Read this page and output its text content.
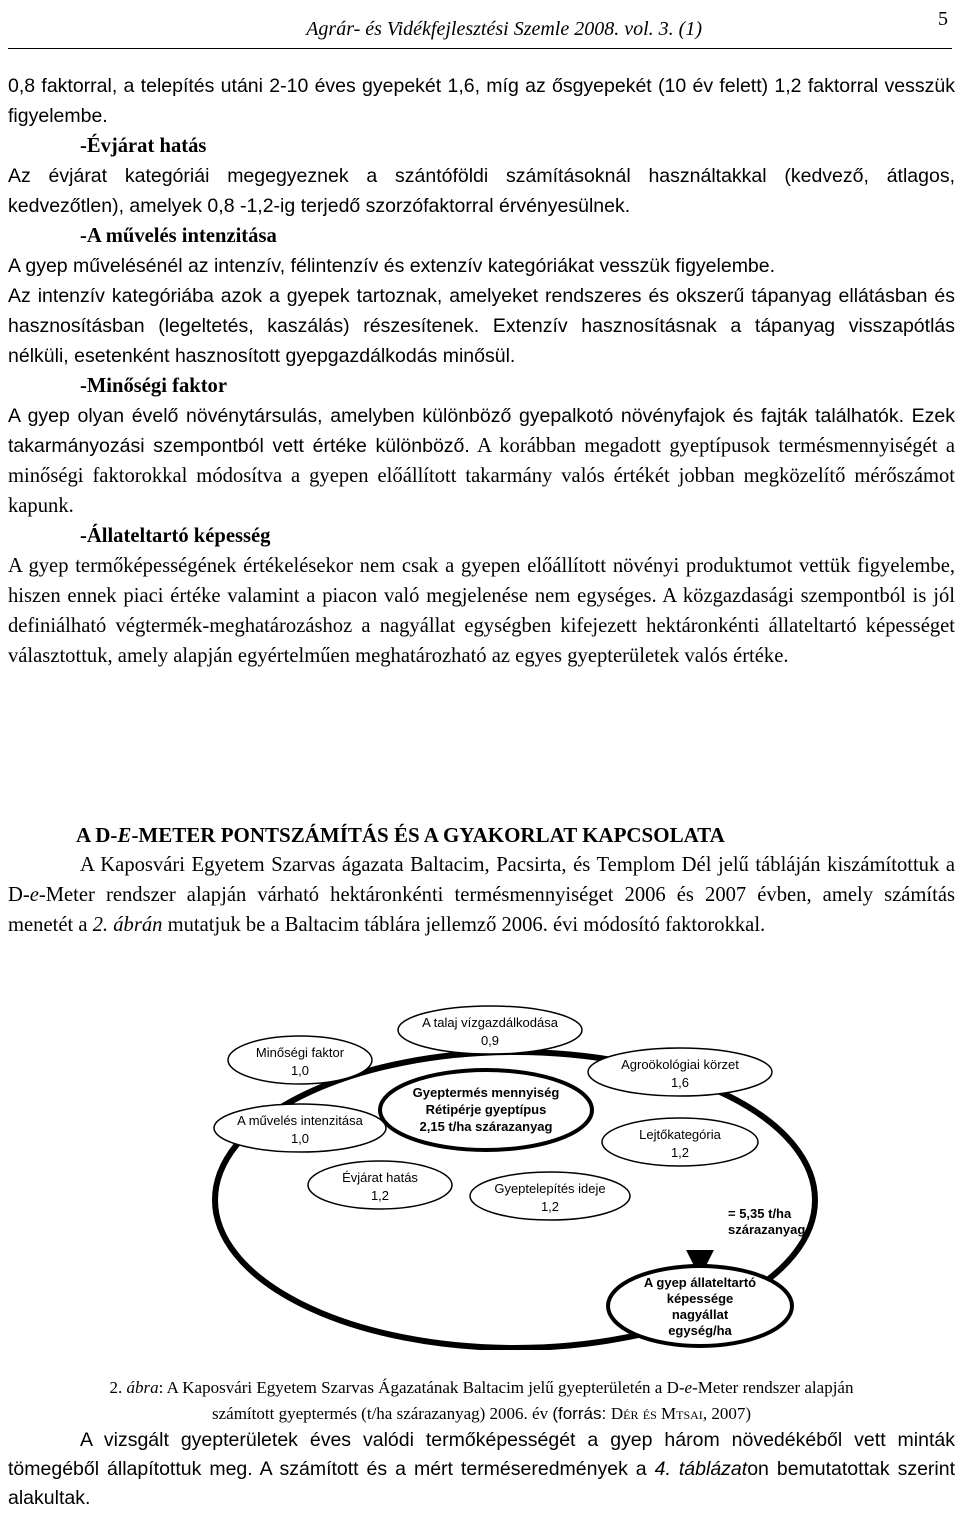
Agrár- és Vidékfejlesztési Szemle 2008. vol. 3. (1)	5

0,8 faktorral, a telepítés utáni 2-10 éves gyepekét 1,6, míg az ősgyepekét (10 év felett) 1,2 faktorral vesszük figyelembe.

-Évjárat hatás

Az évjárat kategóriái megegyeznek a szántóföldi számításoknál használtakkal (kedvező, átlagos, kedvezőtlen), amelyek 0,8 -1,2-ig terjedő szorzófaktorral érvényesülnek.

-A művelés intenzitása

A gyep művelésénél az intenzív, félintenzív és extenzív kategóriákat vesszük figyelembe.

Az intenzív kategóriába azok a gyepek tartoznak, amelyeket rendszeres és okszerű tápanyag ellátásban és hasznosításban (legeltetés, kaszálás) részesítenek. Extenzív hasznosításnak a tápanyag visszapótlás nélküli, esetenként hasznosított gyepgazdálkodás minősül.

-Minőségi faktor

A gyep olyan évelő növénytársulás, amelyben különböző gyepalkotó növényfajok és fajták találhatók. Ezek takarmányozási szempontból vett értéke különböző. A korábban megadott gyeptípusok termésmennyiségét a minőségi faktorokkal módosítva a gyepen előállított takarmány valós értékét jobban megközelítő mérőszámot kapunk.

-Állateltartó képesség

A gyep termőképességének értékelésekor nem csak a gyepen előállított növényi produktumot vettük figyelembe, hiszen ennek piaci értéke valamint a piacon való megjelenése nem egységes. A közgazdasági szempontból is jól definiálható végtermék-meghatározáshoz a nagyállat egységben kifejezett hektáronkénti állateltartó képességet választottuk, amely alapján egyértelműen meghatározható az egyes gyepterületek valós értéke.

A D-E-METER PONTSZÁMÍTÁS ÉS A GYAKORLAT KAPCSOLATA

A Kaposvári Egyetem Szarvas ágazata Baltacim, Pacsirta, és Templom Dél jelű tábláján kiszámítottuk a D-e-Meter rendszer alapján várható hektáronkénti termésmennyiséget 2006 és 2007 évben, amely számítás menetét a 2. ábrán mutatjuk be a Baltacim táblára jellemző 2006. évi módosító faktorokkal.

A talaj vízgazdálkodása
0,9
Agroökológiai körzet
1,6
Lejtőkategória
1,2
Gyeptelepítés ideje
1,2
Évjárat hatás
1,2
A művelés intenzitása
1,0
Minőségi faktor
1,0
Gyeptermés mennyiség
Rétipérje gyeptípus
2,15 t/ha szárazanyag
= 5,35 t/ha
szárazanyag
A gyep állateltartó
képessége
nagyállat
egység/ha
2. ábra: A Kaposvári Egyetem Szarvas Ágazatának Baltacim jelű gyepterületén a D-e-Meter rendszer alapján
számított gyeptermés (t/ha szárazanyag) 2006. év (forrás: Dér és Mtsai, 2007)

A vizsgált gyepterületek éves valódi termőképességét a gyep három növedékéből vett minták tömegéből állapítottuk meg. A számított és a mért terméseredmények a 4. táblázaton bemutatottak szerint alakultak.
